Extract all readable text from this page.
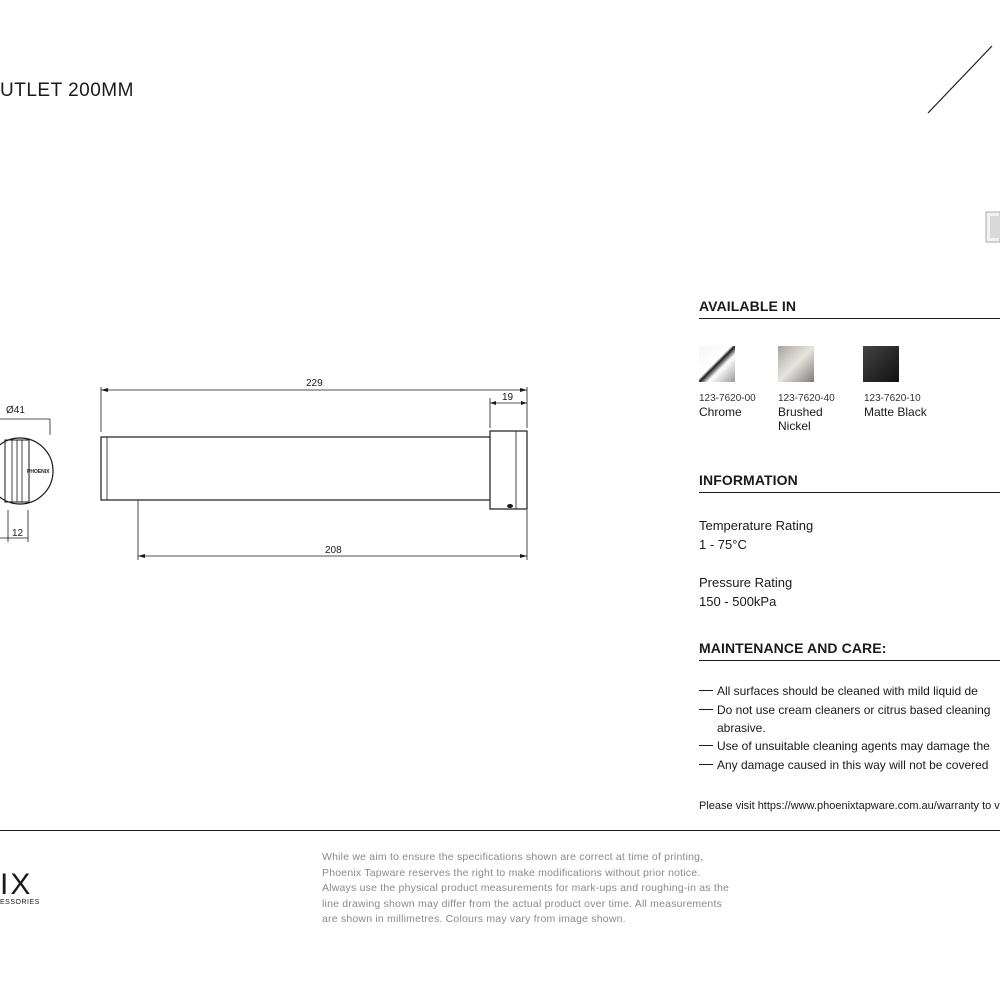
UTLET 200MM
Ø41
PHOENIX
12
229
19
208
AVAILABLE IN
123-7620-00
Chrome
123-7620-40
Brushed
Nickel
123-7620-10
Matte Black
INFORMATION
Temperature Rating
1 - 75°C
Pressure Rating
150 - 500kPa
MAINTENANCE AND CARE:
All surfaces should be cleaned with mild liquid de
Do not use cream cleaners or citrus based cleaning
abrasive.
Use of unsuitable cleaning agents may damage the
Any damage caused in this way will not be covered
Please visit https://www.phoenixtapware.com.au/warranty to v
IX
ESSORIES
While we aim to ensure the specifications shown are correct at time of printing,
Phoenix Tapware reserves the right to make modifications without prior notice.
Always use the physical product measurements for mark-ups and roughing-in as the
line drawing shown may differ from the actual product over time. All measurements
are shown in millimetres. Colours may vary from image shown.
